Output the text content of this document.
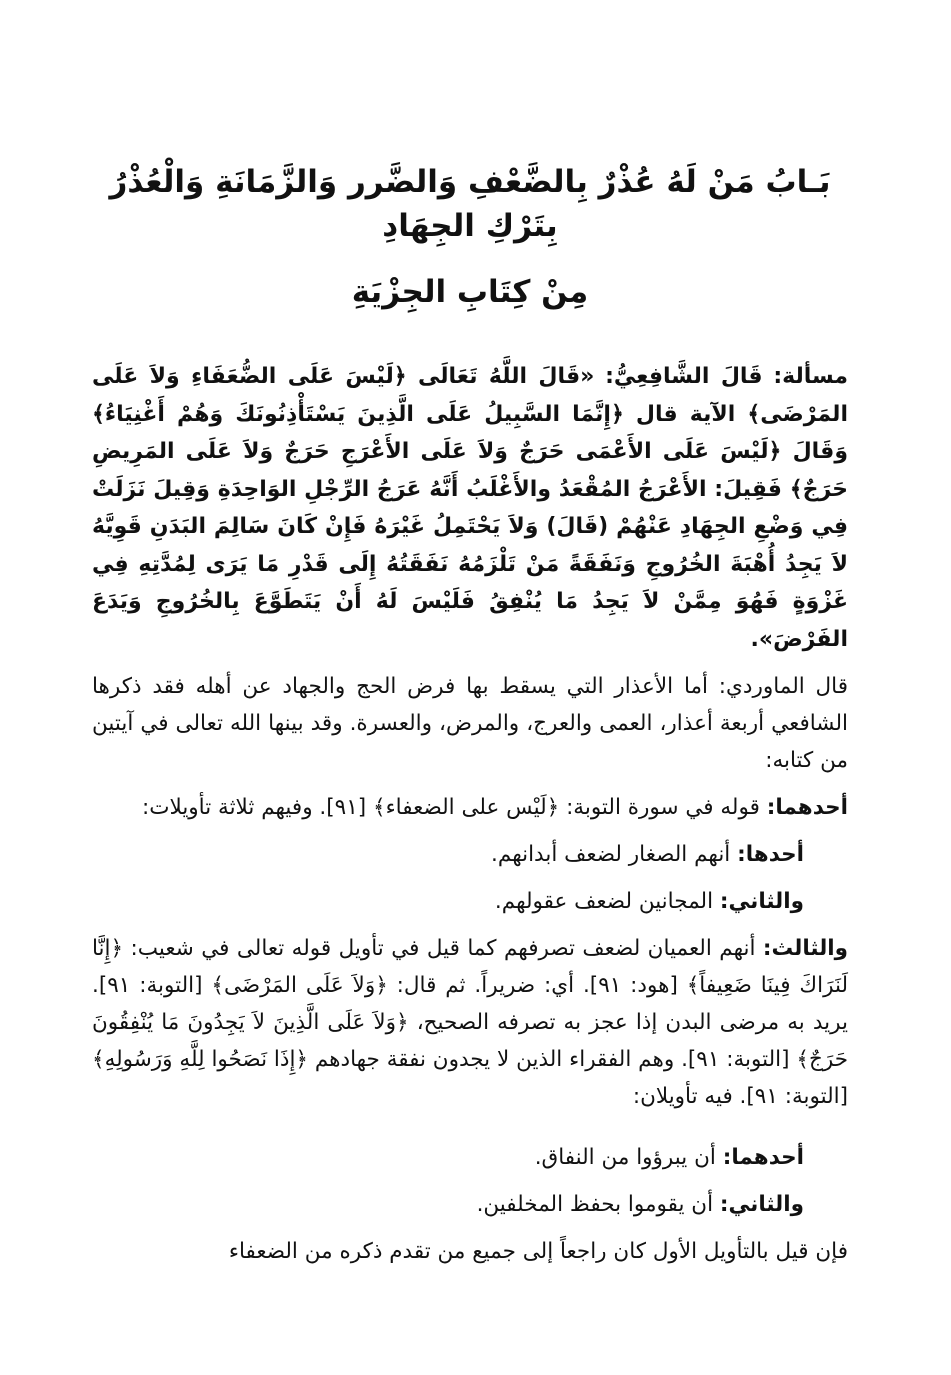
بَـابُ مَنْ لَهُ عُذْرٌ بِالضَّعْفِ وَالضَّرر وَالزَّمَانَةِ وَالْعُذْرُ بِتَرْكِ الجِهَادِ
مِنْ كِتَابِ الجِزْيَةِ

مسألة: قَالَ الشَّافِعِيُّ: «قَالَ اللَّهُ تَعَالَى ﴿لَيْسَ عَلَى الضُّعَفَاءِ وَلاَ عَلَى المَرْضَى﴾ الآية قال ﴿إِنَّمَا السَّبِيلُ عَلَى الَّذِينَ يَسْتَأْذِنُونَكَ وَهُمْ أَغْنِيَاءُ﴾ وَقَالَ ﴿لَيْسَ عَلَى الأَعْمَى حَرَجٌ وَلاَ عَلَى الأَعْرَجِ حَرَجٌ وَلاَ عَلَى المَرِيضِ حَرَجٌ﴾ فَقِيلَ: الأَعْرَجُ المُقْعَدُ والأَغْلَبُ أَنَّهُ عَرَجُ الرِّجْلِ الوَاحِدَةِ وَقِيلَ نَزَلَتْ فِي وَضْعِ الجِهَادِ عَنْهُمْ (قَالَ) وَلاَ يَحْتَمِلُ غَيْرَهُ فَإِنْ كَانَ سَالِمَ البَدَنِ قَوِيَّهُ لاَ يَجِدُ أُهْبَةَ الخُرُوجِ وَنَفَقَةً مَنْ تَلْزَمُهُ نَفَقَتُهُ إِلَى قَدْرِ مَا يَرَى لِمُدَّتِهِ فِي غَزْوَةٍ فَهُوَ مِمَّنْ لاَ يَجِدُ مَا يُنْفِقُ فَلَيْسَ لَهُ أَنْ يَتَطَوَّعَ بِالخُرُوجِ وَيَدَعَ الفَرْضَ».

قال الماوردي: أما الأعذار التي يسقط بها فرض الحج والجهاد عن أهله فقد ذكرها الشافعي أربعة أعذار، العمى والعرج، والمرض، والعسرة. وقد بينها الله تعالى في آيتين من كتابه:

أحدهما: قوله في سورة التوبة: ﴿لَيْس على الضعفاء﴾ [٩١]. وفيهم ثلاثة تأويلات:

أحدها: أنهم الصغار لضعف أبدانهم.

والثاني: المجانين لضعف عقولهم.

والثالث: أنهم العميان لضعف تصرفهم كما قيل في تأويل قوله تعالى في شعيب: ﴿إِنَّا لَنَرَاكَ فِينَا ضَعِيفاً﴾ [هود: ٩١]. أي: ضريراً. ثم قال: ﴿وَلاَ عَلَى المَرْضَى﴾ [التوبة: ٩١]. يريد به مرضى البدن إذا عجز به تصرفه الصحيح، ﴿وَلاَ عَلَى الَّذِينَ لاَ يَجِدُونَ مَا يُنْفِقُونَ حَرَجٌ﴾ [التوبة: ٩١]. وهم الفقراء الذين لا يجدون نفقة جهادهم ﴿إِذَا نَصَحُوا لِلَّهِ وَرَسُولِهِ﴾ [التوبة: ٩١]. فيه تأويلان:

أحدهما: أن يبرؤوا من النفاق.

والثاني: أن يقوموا بحفظ المخلفين.

فإن قيل بالتأويل الأول كان راجعاً إلى جميع من تقدم ذكره من الضعفاء
